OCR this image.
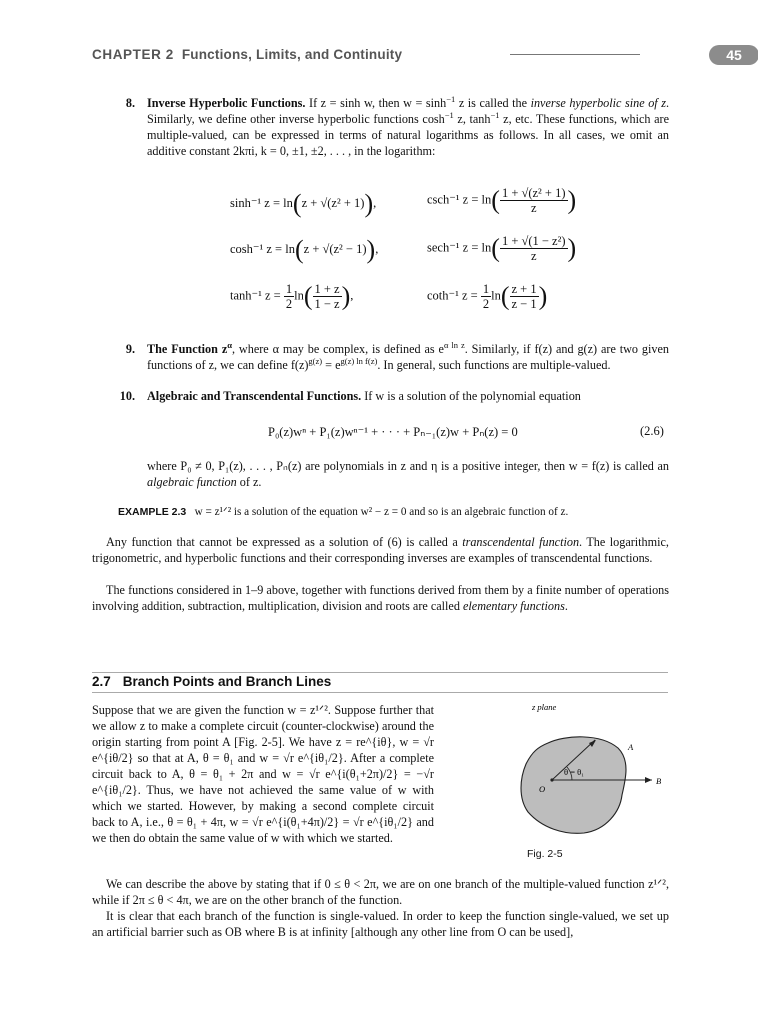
CHAPTER 2 Functions, Limits, and Continuity	45
8. Inverse Hyperbolic Functions. If z = sinh w, then $w = \sinh^{-1} z$ is called the inverse hyperbolic sine of z. Similarly, we define other inverse hyperbolic functions $\cosh^{-1} z$, $\tanh^{-1} z$, etc. These functions, which are multiple-valued, can be expressed in terms of natural logarithms as follows. In all cases, we omit an additive constant 2kπi, k = 0, ±1, ±2, . . . , in the logarithm:
sinh⁻¹ z = ln(z + √(z² + 1)),
cosh⁻¹ z = ln(z + √(z² − 1)),
tanh⁻¹ $z = \frac{1}{2} \ln( \frac{1 + z}{1 - z}$ ),
csch⁻¹ $z = \ln( \frac{\text{1 + √(z² + 1)}}{z}$ )
sech⁻¹ $z = \ln( \frac{\text{1 + √(1 − z²)}}{z}$ )
coth⁻¹ $z = \frac{1}{2} \ln( \frac{z + 1}{z - 1}$ )
9. The Function $z^\alpha$, where α may be complex, is defined as $e^{\alpha ln z}$. Similarly, if f(z) and g(z) are two given functions of z, we can define $f(z)^{g(z)} = e^{g(z) ln f(z)}$. In general, such functions are multiple-valued.
10. Algebraic and Transcendental Functions. If w is a solution of the polynomial equation
P₀(z)wⁿ + P₁(z)wⁿ⁻¹ + · · · + Pₙ₋₁(z)w + Pₙ(z) = 0	(2.6)
where P₀ ≠ 0, P₁(z), . . . , Pₙ(z) are polynomials in z and η is a positive integer, then w = f(z) is called an algebraic function of z.
EXAMPLE 2.3 w = z¹ᐟ² is a solution of the equation w² − z = 0 and so is an algebraic function of z.
Any function that cannot be expressed as a solution of (6) is called a transcendental function. The logarithmic, trigonometric, and hyperbolic functions and their corresponding inverses are examples of transcendental functions.
The functions considered in 1–9 above, together with functions derived from them by a finite number of operations involving addition, subtraction, multiplication, division and roots are called elementary functions.
2.7 Branch Points and Branch Lines
Suppose that we are given the function w = z¹ᐟ². Suppose further that we allow z to make a complete circuit (counter-clockwise) around the origin starting from point A [Fig. 2-5]. We have z = re^{iθ}, w = √r e^{iθ/2} so that at A, θ = θ₁ and w = √r e^{iθ₁/2}. After a complete circuit back to A, θ = θ₁ + 2π and w = √r e^{i(θ₁+2π)/2} = −√r e^{iθ₁/2}. Thus, we have not achieved the same value of w with which we started. However, by making a second complete circuit back to A, i.e., θ = θ₁ + 4π, w = √r e^{i(θ₁+4π)/2} = √r e^{iθ₁/2} and we then do obtain the same value of w with which we started.
We can describe the above by stating that if 0 ≤ θ < 2π, we are on one branch of the multiple-valued function z¹ᐟ², while if 2π ≤ θ < 4π, we are on the other branch of the function.
It is clear that each branch of the function is single-valued. In order to keep the function single-valued, we set up an artificial barrier such as OB where B is at infinity [although any other line from O can be used],
z plane
A
B
O
θ = θ₁
Fig. 2-5
